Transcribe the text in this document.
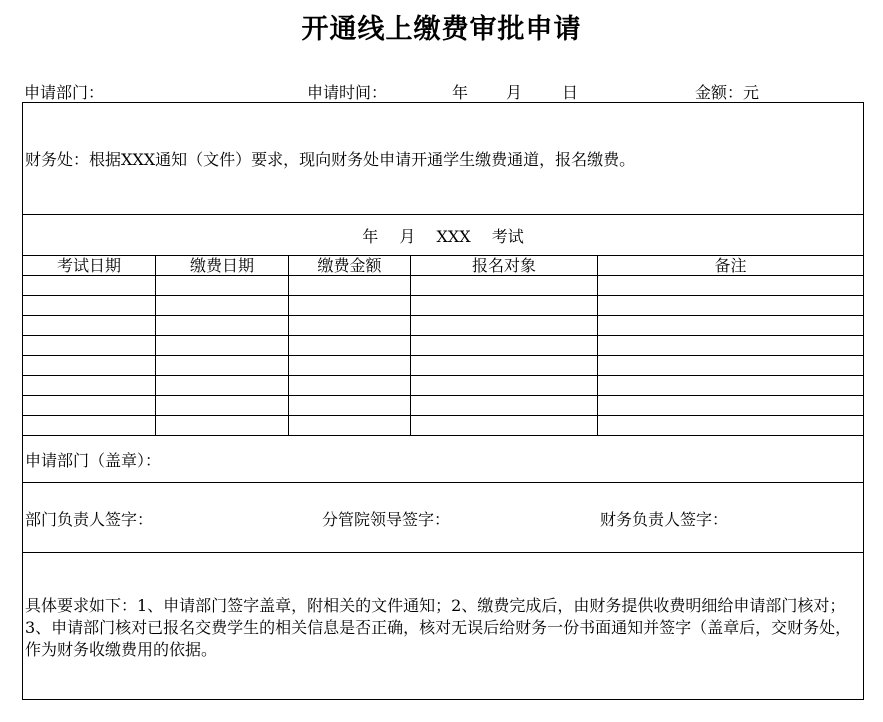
开通线上缴费审批申请
申请部门：	申请时间：	年 月 日	金额：元
财务处：根据XXX通知（文件）要求，现向财务处申请开通学生缴费通道，报名缴费。				

年 月 XXX 考试				
考试日期	缴费日期	缴费金额	报名对象	备注

申请部门（盖章）：				

部门负责人签字： 分管院领导签字： 财务负责人签字：				

具体要求如下：1、申请部门签字盖章，附相关的文件通知；2、缴费完成后，由财务提供收费明细给申请部门核对；3、申请部门核对已报名交费学生的相关信息是否正确，核对无误后给财务一份书面通知并签字（盖章后，交财务处，作为财务收缴费用的依据。				
